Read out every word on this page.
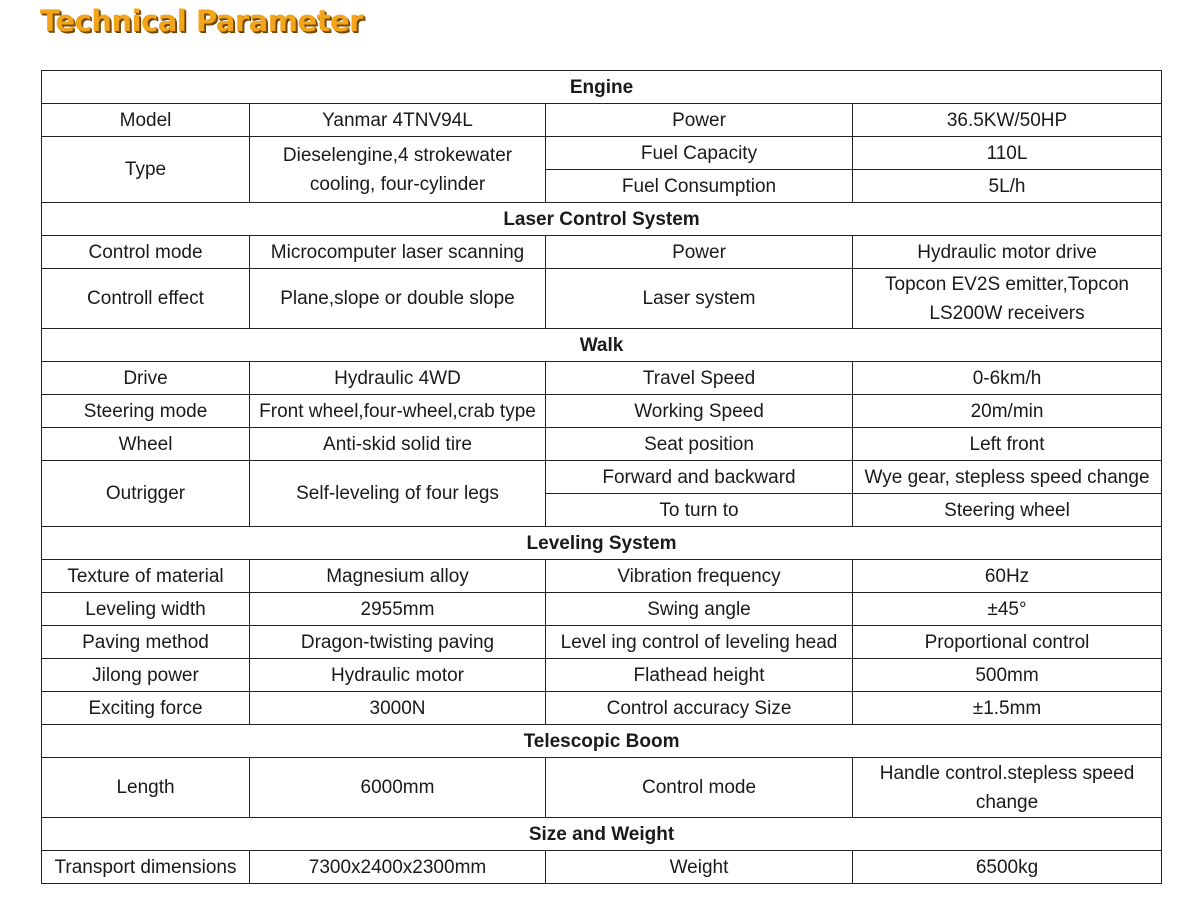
Technical Parameter
Engine			
Model	Yanmar 4TNV94L	Power	36.5KW/50HP
Type	Dieselengine,4 strokewater cooling, four-cylinder	Fuel Capacity	110L
		Fuel Consumption	5L/h
Laser Control System			
Control mode	Microcomputer laser scanning	Power	Hydraulic motor drive
Controll effect	Plane,slope or double slope	Laser system	Topcon EV2S emitter,Topcon LS200W receivers
Walk			
Drive	Hydraulic 4WD	Travel Speed	0-6km/h
Steering mode	Front wheel,four-wheel,crab type	Working Speed	20m/min
Wheel	Anti-skid solid tire	Seat position	Left front
Outrigger	Self-leveling of four legs	Forward and backward	Wye gear, stepless speed change
		To turn to	Steering wheel
Leveling System			
Texture of material	Magnesium alloy	Vibration frequency	60Hz
Leveling width	2955mm	Swing angle	±45°
Paving method	Dragon-twisting paving	Level ing control of leveling head	Proportional control
Jilong power	Hydraulic motor	Flathead height	500mm
Exciting force	3000N	Control accuracy Size	±1.5mm
Telescopic Boom			
Length	6000mm	Control mode	Handle control.stepless speed change
Size and Weight			
Transport dimensions	7300x2400x2300mm	Weight	6500kg
